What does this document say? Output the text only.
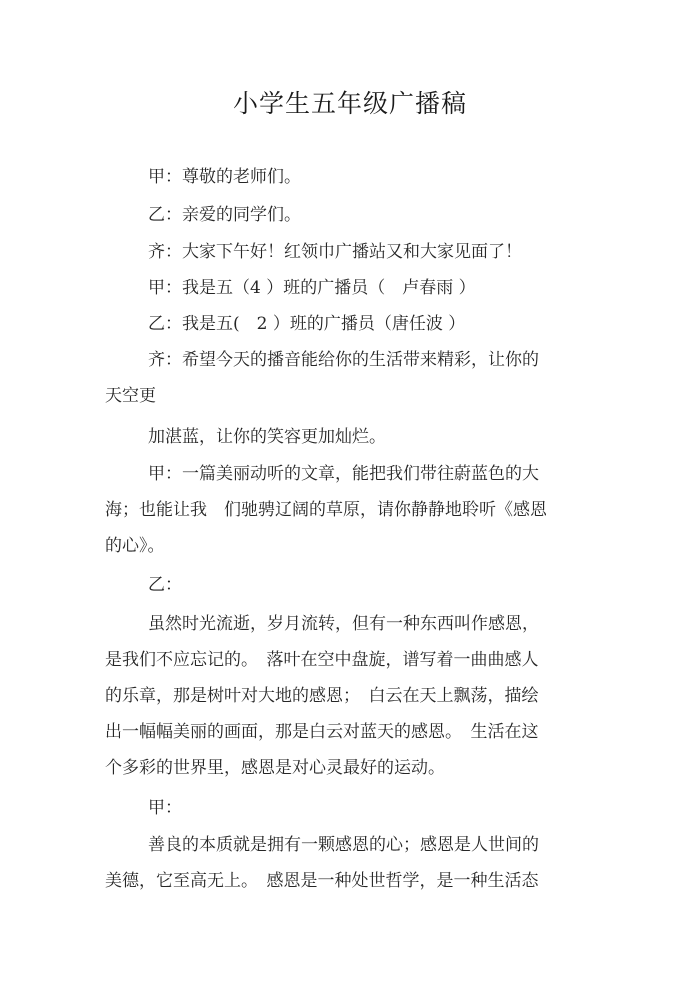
小学生五年级广播稿
甲：尊敬的老师们。
乙：亲爱的同学们。
齐：大家下午好！红领巾广播站又和大家见面了！
甲：我是五（4 ）班的广播员（　卢春雨 ）
乙：我是五(　2 ）班的广播员（唐任波 ）
齐：希望今天的播音能给你的生活带来精彩，让你的
天空更
加湛蓝，让你的笑容更加灿烂。
甲：一篇美丽动听的文章，能把我们带往蔚蓝色的大
海；也能让我　们驰骋辽阔的草原，请你静静地聆听《感恩
的心》。
乙：
虽然时光流逝，岁月流转，但有一种东西叫作感恩，
是我们不应忘记的。　落叶在空中盘旋，谱写着一曲曲感人
的乐章，那是树叶对大地的感恩；　白云在天上飘荡，描绘
出一幅幅美丽的画面，那是白云对蓝天的感恩。　生活在这
个多彩的世界里，感恩是对心灵最好的运动。
甲：
善良的本质就是拥有一颗感恩的心；感恩是人世间的
美德，它至高无上。　感恩是一种处世哲学，是一种生活态
